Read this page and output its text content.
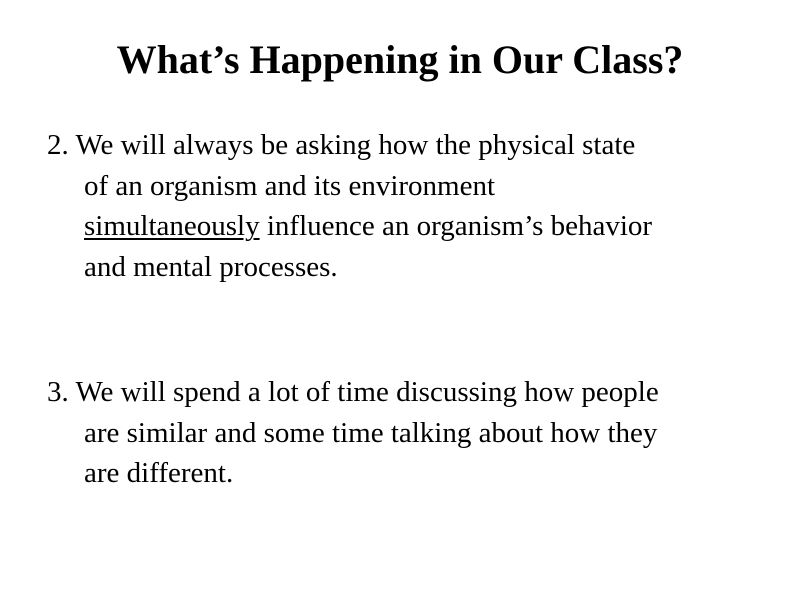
What’s Happening in Our Class?
2. We will always be asking how the physical state
of an organism and its environment
simultaneously influence an organism’s behavior
and mental processes.
3. We will spend a lot of time discussing how people
are similar and some time talking about how they
are different.
